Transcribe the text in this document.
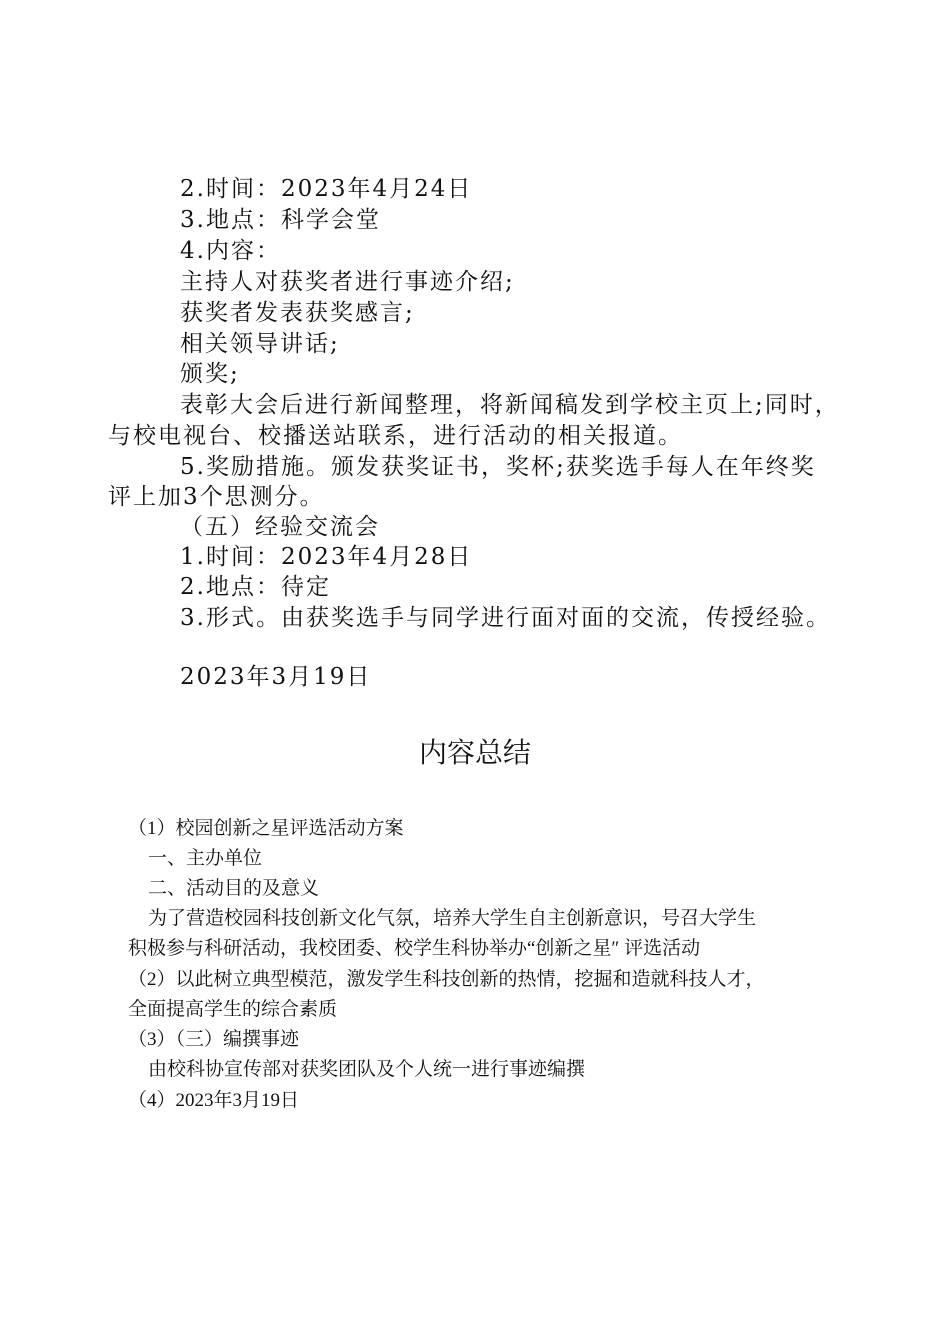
2.时间：2023年4月24日

3.地点：科学会堂

4.内容：

主持人对获奖者进行事迹介绍;

获奖者发表获奖感言;

相关领导讲话;

颁奖;

表彰大会后进行新闻整理，将新闻稿发到学校主页上;同时，

与校电视台、校播送站联系，进行活动的相关报道。

5.奖励措施。颁发获奖证书，奖杯;获奖选手每人在年终奖

评上加3个思测分。

（五）经验交流会

1.时间：2023年4月28日

2.地点：待定

3.形式。由获奖选手与同学进行面对面的交流，传授经验。

2023年3月19日

内容总结

（1）校园创新之星评选活动方案

一、主办单位

二、活动目的及意义

为了营造校园科技创新文化气氛，培养大学生自主创新意识，号召大学生

积极参与科研活动，我校团委、校学生科协举办“创新之星″ 评选活动

（2）以此树立典型模范，激发学生科技创新的热情，挖掘和造就科技人才，

全面提高学生的综合素质

（3）（三）编撰事迹

由校科协宣传部对获奖团队及个人统一进行事迹编撰

（4）2023年3月19日
